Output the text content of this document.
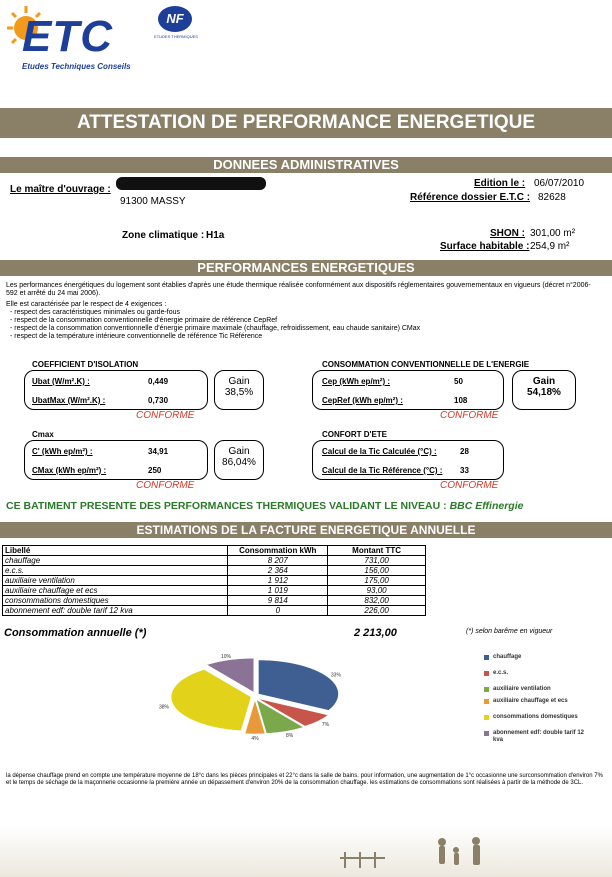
ETC
Etudes Techniques Conseils
NF
ETUDES THERMIQUES
ATTESTATION DE PERFORMANCE ENERGETIQUE
DONNEES ADMINISTRATIVES
Le maître d'ouvrage :
91300 MASSY
Edition le : 06/07/2010
Référence dossier E.T.C : 82628
Zone climatique : H1a	SHON : 301,00 m²
Surface habitable : 254,9 m²
PERFORMANCES ENERGETIQUES
Les performances énergétiques du logement sont établies d'après une étude thermique réalisée conformément aux dispositifs réglementaires gouvernementaux en vigueurs (décret n°2006-592 et arrêté du 24 mai 2006).
Elle est caractérisée par le respect de 4 exigences :
- respect des caractéristiques minimales ou garde-fous
- respect de la consommation conventionnelle d'énergie primaire de référence CepRef
- respect de la consommation conventionnelle d'énergie primaire maximale (chauffage, refroidissement, eau chaude sanitaire) CMax
- respect de la température intérieure conventionnelle de référence Tic Référence
COEFFICIENT D'ISOLATION
Ubat (W/m².K) :	0,449
UbatMax (W/m².K) :	0,730
Gain
38,5%
CONFORME
CONSOMMATION CONVENTIONNELLE DE L'ENERGIE
Cep (kWh ep/m²) :	50
CepRef (kWh ep/m²) :	108
Gain
54,18%
CONFORME
Cmax
C' (kWh ep/m²) :	34,91
CMax (kWh ep/m²) :	250
Gain
86,04%
CONFORME
CONFORT D'ETE
Calcul de la Tic Calculée (°C) :	28
Calcul de la Tic Référence (°C) : 33
CONFORME
CE BATIMENT PRESENTE DES PERFORMANCES THERMIQUES VALIDANT LE NIVEAU : BBC Effinergie
ESTIMATIONS DE LA FACTURE ENERGETIQUE ANNUELLE
Libellé	Consommation kWh	Montant TTC
chauffage	8 207	731,00
e.c.s.	2 364	156,00
auxiliaire ventilation	1 912	175,00
auxiliaire chauffage et ecs	1 019	93,00
consommations domestiques	9 814	832,00
abonnement edf: double tarif 12 kva	0	226,00
Consommation annuelle (*)	2 213,00	(*) selon barême en vigueur
33%
7%
8%
4%
38%
10%	chauffage
e.c.s.
auxiliaire ventilation
auxiliaire chauffage et ecs
consommations domestiques
abonnement edf: double tarif 12 kva
la dépense chauffage prend en compte une température moyenne de 18°c dans les pièces principales et 22°c dans la salle de bains. pour information, une augmentation de 1°c occasionne une surconsommation d'environ 7% et le temps de séchage de la maçonnerie occasionne la première année un dépassement d'environ 20% de la consommation chauffage. les estimations de consommations sont réalisées à partir de la méthode de 3CL.
